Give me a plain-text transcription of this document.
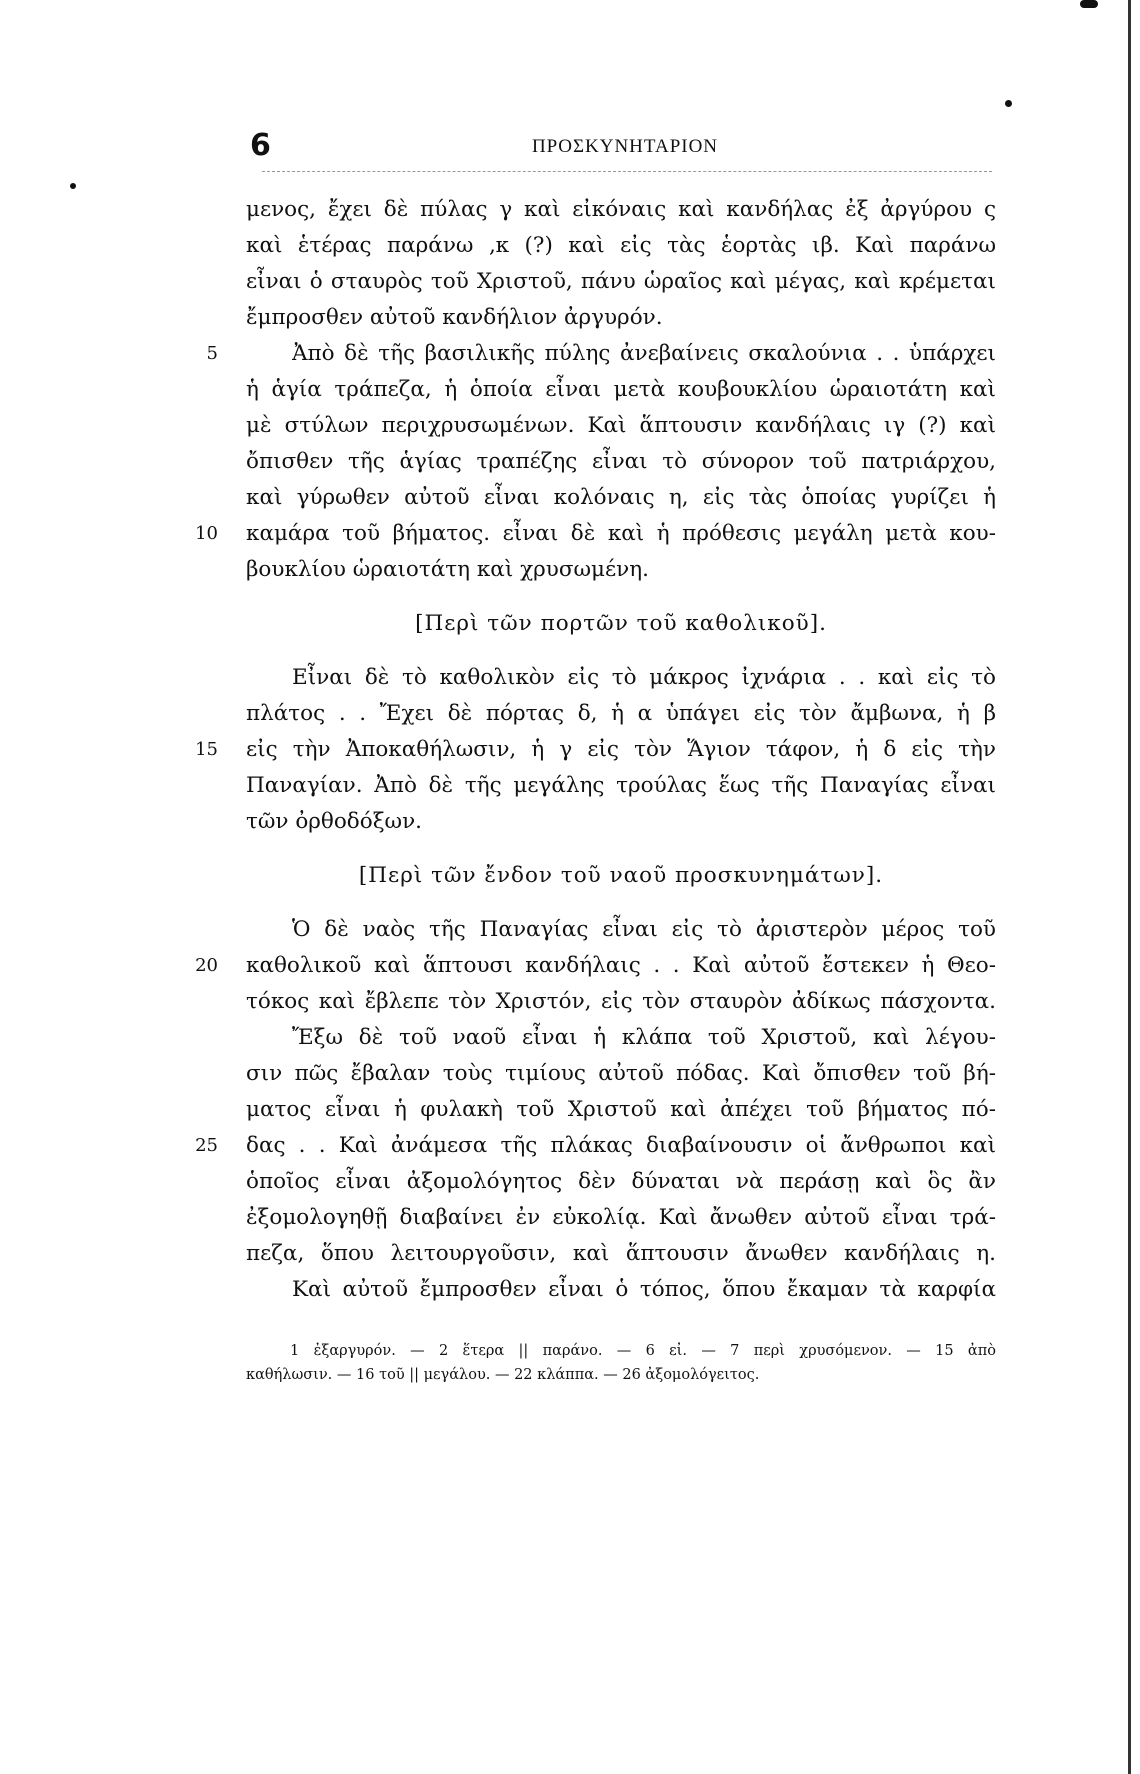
6	ΠΡΟΣΚΥΝΗΤΑΡΙΟΝ
μενος, ἔχει δὲ πύλας γ καὶ εἰκόναις καὶ κανδήλας ἐξ ἀργύρου ς
καὶ ἑτέρας παράνω ‚κ (?) καὶ εἰς τὰς ἑορτὰς ιβ. Καὶ παράνω
εἶναι ὁ σταυρὸς τοῦ Χριστοῦ, πάνυ ὡραῖος καὶ μέγας, καὶ κρέμεται
ἔμπροσθεν αὐτοῦ κανδήλιον ἀργυρόν.
Ἀπὸ δὲ τῆς βασιλικῆς πύλης ἀνεβαίνεις σκαλούνια . . ὑπάρχει
5
ἡ ἁγία τράπεζα, ἡ ὁποία εἶναι μετὰ κουβουκλίου ὡραιοτάτη καὶ
μὲ στύλων περιχρυσωμένων. Καὶ ἅπτουσιν κανδήλαις ιγ (?) καὶ
ὄπισθεν τῆς ἁγίας τραπέζης εἶναι τὸ σύνορον τοῦ πατριάρχου,
καὶ γύρωθεν αὐτοῦ εἶναι κολόναις η, εἰς τὰς ὁποίας γυρίζει ἡ
καμάρα τοῦ βήματος. εἶναι δὲ καὶ ἡ πρόθεσις μεγάλη μετὰ κου-
10
βουκλίου ὡραιοτάτη καὶ χρυσωμένη.
[Περὶ τῶν πορτῶν τοῦ καθολικοῦ].
Εἶναι δὲ τὸ καθολικὸν εἰς τὸ μάκρος ἰχνάρια . . καὶ εἰς τὸ
πλάτος . . Ἔχει δὲ πόρτας δ, ἡ α ὑπάγει εἰς τὸν ἄμβωνα, ἡ β
εἰς τὴν Ἀποκαθήλωσιν, ἡ γ εἰς τὸν Ἅγιον τάφον, ἡ δ εἰς τὴν
15
Παναγίαν. Ἀπὸ δὲ τῆς μεγάλης τρούλας ἕως τῆς Παναγίας εἶναι
τῶν ὀρθοδόξων.
[Περὶ τῶν ἔνδον τοῦ ναοῦ προσκυνημάτων].
Ὁ δὲ ναὸς τῆς Παναγίας εἶναι εἰς τὸ ἀριστερὸν μέρος τοῦ
καθολικοῦ καὶ ἅπτουσι κανδήλαις . . Καὶ αὐτοῦ ἔστεκεν ἡ Θεο-
20
τόκος καὶ ἔβλεπε τὸν Χριστόν, εἰς τὸν σταυρὸν ἀδίκως πάσχοντα.
Ἔξω δὲ τοῦ ναοῦ εἶναι ἡ κλάπα τοῦ Χριστοῦ, καὶ λέγου-
σιν πῶς ἔβαλαν τοὺς τιμίους αὐτοῦ πόδας. Καὶ ὄπισθεν τοῦ βή-
ματος εἶναι ἡ φυλακὴ τοῦ Χριστοῦ καὶ ἀπέχει τοῦ βήματος πό-
δας . . Καὶ ἀνάμεσα τῆς πλάκας διαβαίνουσιν οἱ ἄνθρωποι καὶ
25
ὁποῖος εἶναι ἀξομολόγητος δὲν δύναται νὰ περάσῃ καὶ ὃς ἂν
ἐξομολογηθῇ διαβαίνει ἐν εὐκολίᾳ. Καὶ ἄνωθεν αὐτοῦ εἶναι τρά-
πεζα, ὅπου λειτουργοῦσιν, καὶ ἅπτουσιν ἄνωθεν κανδήλαις η.
Καὶ αὐτοῦ ἔμπροσθεν εἶναι ὁ τόπος, ὅπου ἔκαμαν τὰ καρφία
1 ἐξαργυρόν. — 2 ἕτερα || παράνο. — 6 εἰ. — 7 περὶ χρυσόμενον. — 15 ἀπὸ
καθήλωσιν. — 16 τοῦ || μεγάλου. — 22 κλάππα. — 26 ἀξομολόγειτος.
